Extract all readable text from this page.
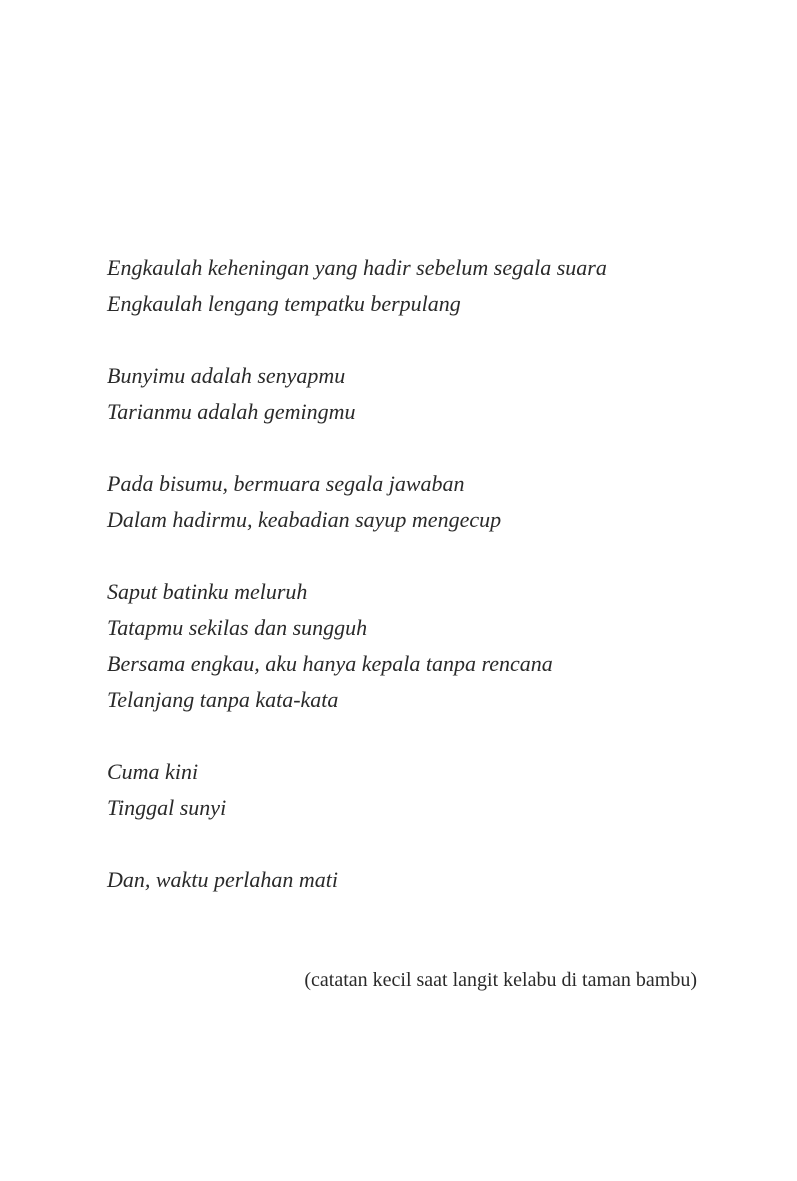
Engkaulah keheningan yang hadir sebelum segala suara
Engkaulah lengang tempatku berpulang
Bunyimu adalah senyapmu
Tarianmu adalah gemingmu
Pada bisumu, bermuara segala jawaban
Dalam hadirmu, keabadian sayup mengecup
Saput batinku meluruh
Tatapmu sekilas dan sungguh
Bersama engkau, aku hanya kepala tanpa rencana
Telanjang tanpa kata-kata
Cuma kini
Tinggal sunyi
Dan, waktu perlahan mati
(catatan kecil saat langit kelabu di taman bambu)
